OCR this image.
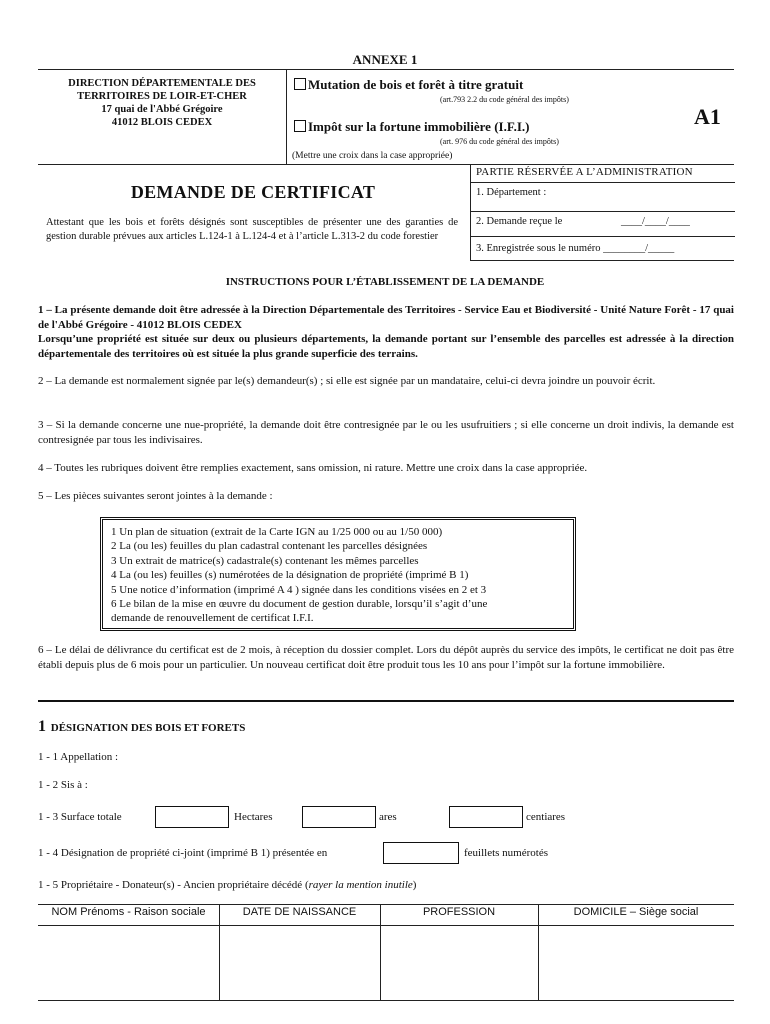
ANNEXE 1
DIRECTION DÉPARTEMENTALE DES
TERRITOIRES DE LOIR-ET-CHER
17 quai de l'Abbé Grégoire
41012 BLOIS CEDEX
Mutation de bois et forêt à titre gratuit
(art.793 2.2 du code général des impôts)
Impôt sur la fortune immobilière (I.F.I.)
(art. 976 du code général des impôts)
(Mettre une croix dans la case appropriée)
A1
DEMANDE DE CERTIFICAT
Attestant que les bois et forêts désignés sont susceptibles de présenter une des garanties de gestion durable prévues aux articles L.124-1 à L.124-4 et à l’article L.313-2 du code forestier
PARTIE RÉSERVÉE A L’ADMINISTRATION
1. Département :
2. Demande reçue le	____/____/____
3. Enregistrée sous le numéro ________/_____
INSTRUCTIONS POUR L’ÉTABLISSEMENT DE LA DEMANDE
1 – La présente demande doit être adressée à la Direction Départementale des Territoires - Service Eau et Biodiversité - Unité Nature Forêt - 17 quai de l'Abbé Grégoire - 41012 BLOIS CEDEX
Lorsqu’une propriété est située sur deux ou plusieurs départements, la demande portant sur l’ensemble des parcelles est adressée à la direction départementale des territoires où est située la plus grande superficie des terrains.
2 – La demande est normalement signée par le(s) demandeur(s) ; si elle est signée par un mandataire, celui-ci devra joindre un pouvoir écrit.
3 – Si la demande concerne une nue-propriété, la demande doit être contresignée par le ou les usufruitiers ; si elle concerne un droit indivis, la demande est contresignée par tous les indivisaires.
4 – Toutes les rubriques doivent être remplies exactement, sans omission, ni rature. Mettre une croix dans la case appropriée.
5 – Les pièces suivantes seront jointes à la demande :
1 Un plan de situation (extrait de la Carte IGN au 1/25 000 ou au 1/50 000)
2 La (ou les) feuilles du plan cadastral contenant les parcelles désignées
3 Un extrait de matrice(s) cadastrale(s) contenant les mêmes parcelles
4 La (ou les) feuilles (s) numérotées de la désignation de propriété (imprimé B 1)
5 Une notice d’information (imprimé A 4 ) signée dans les conditions visées en 2 et 3
6 Le bilan de la mise en œuvre du document de gestion durable, lorsqu’il s’agit d’une
demande de renouvellement de certificat I.F.I.
6 – Le délai de délivrance du certificat est de 2 mois, à réception du dossier complet. Lors du dépôt auprès du service des impôts, le certificat ne doit pas être établi depuis plus de 6 mois pour un particulier. Un nouveau certificat doit être produit tous les 10 ans pour l’impôt sur la fortune immobilière.
1 DÉSIGNATION DES BOIS ET FORETS
1 - 1 Appellation :
1 - 2 Sis à :
1 - 3 Surface totale	Hectares	ares	centiares
1 - 4 Désignation de propriété ci-joint (imprimé B 1) présentée en	feuillets numérotés
1 - 5 Propriétaire - Donateur(s) - Ancien propriétaire décédé (rayer la mention inutile)
NOM Prénoms - Raison sociale	DATE DE NAISSANCE	PROFESSION	DOMICILE – Siège social
